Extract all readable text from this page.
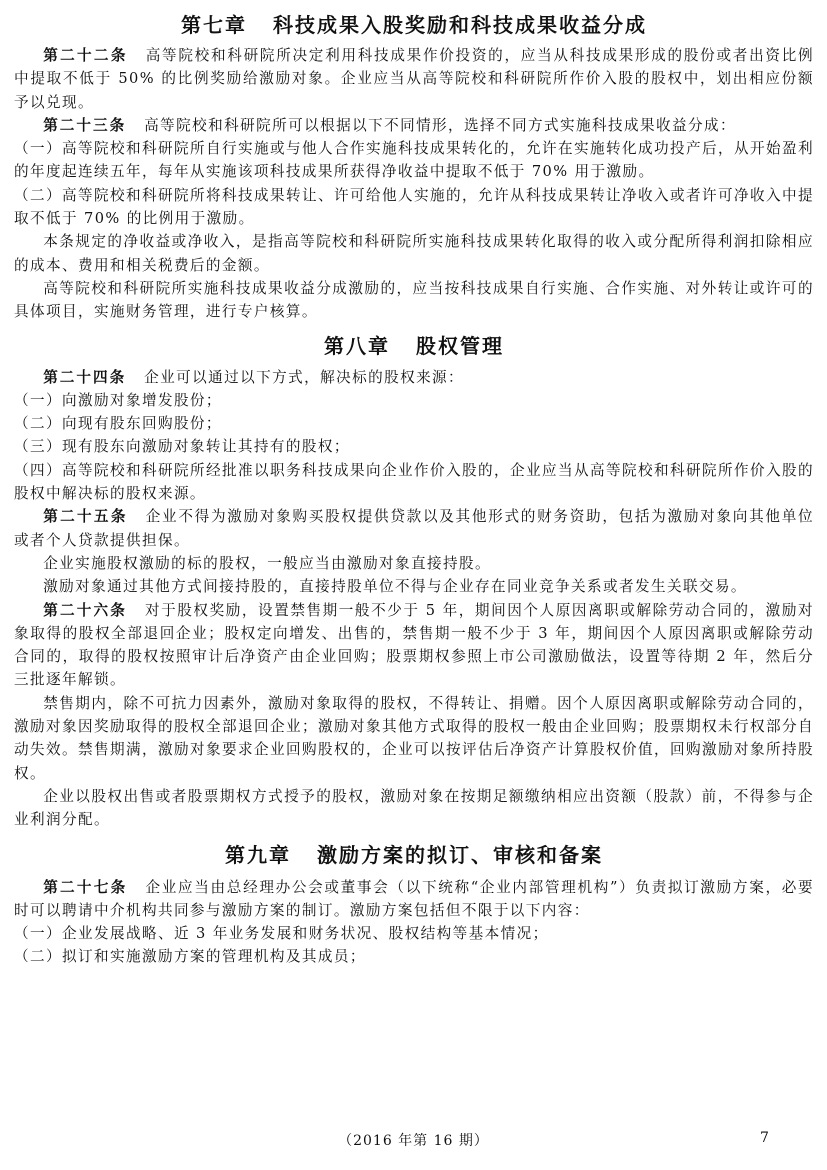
第七章 科技成果入股奖励和科技成果收益分成

第二十二条 高等院校和科研院所决定利用科技成果作价投资的，应当从科技成果形成的股份或者出资比例中提取不低于 50% 的比例奖励给激励对象。企业应当从高等院校和科研院所作价入股的股权中，划出相应份额予以兑现。

第二十三条 高等院校和科研院所可以根据以下不同情形，选择不同方式实施科技成果收益分成：

（一）高等院校和科研院所自行实施或与他人合作实施科技成果转化的，允许在实施转化成功投产后，从开始盈利的年度起连续五年，每年从实施该项科技成果所获得净收益中提取不低于 70% 用于激励。

（二）高等院校和科研院所将科技成果转让、许可给他人实施的，允许从科技成果转让净收入或者许可净收入中提取不低于 70% 的比例用于激励。

本条规定的净收益或净收入，是指高等院校和科研院所实施科技成果转化取得的收入或分配所得利润扣除相应的成本、费用和相关税费后的金额。

高等院校和科研院所实施科技成果收益分成激励的，应当按科技成果自行实施、合作实施、对外转让或许可的具体项目，实施财务管理，进行专户核算。

第八章 股权管理

第二十四条 企业可以通过以下方式，解决标的股权来源：

（一）向激励对象增发股份；

（二）向现有股东回购股份；

（三）现有股东向激励对象转让其持有的股权；

（四）高等院校和科研院所经批准以职务科技成果向企业作价入股的，企业应当从高等院校和科研院所作价入股的股权中解决标的股权来源。

第二十五条 企业不得为激励对象购买股权提供贷款以及其他形式的财务资助，包括为激励对象向其他单位或者个人贷款提供担保。

企业实施股权激励的标的股权，一般应当由激励对象直接持股。

激励对象通过其他方式间接持股的，直接持股单位不得与企业存在同业竞争关系或者发生关联交易。

第二十六条 对于股权奖励，设置禁售期一般不少于 5 年，期间因个人原因离职或解除劳动合同的，激励对象取得的股权全部退回企业；股权定向增发、出售的，禁售期一般不少于 3 年，期间因个人原因离职或解除劳动合同的，取得的股权按照审计后净资产由企业回购；股票期权参照上市公司激励做法，设置等待期 2 年，然后分三批逐年解锁。

禁售期内，除不可抗力因素外，激励对象取得的股权，不得转让、捐赠。因个人原因离职或解除劳动合同的，激励对象因奖励取得的股权全部退回企业；激励对象其他方式取得的股权一般由企业回购；股票期权未行权部分自动失效。禁售期满，激励对象要求企业回购股权的，企业可以按评估后净资产计算股权价值，回购激励对象所持股权。

企业以股权出售或者股票期权方式授予的股权，激励对象在按期足额缴纳相应出资额（股款）前，不得参与企业利润分配。

第九章 激励方案的拟订、审核和备案

第二十七条 企业应当由总经理办公会或董事会（以下统称“企业内部管理机构”）负责拟订激励方案，必要时可以聘请中介机构共同参与激励方案的制订。激励方案包括但不限于以下内容：

（一）企业发展战略、近 3 年业务发展和财务状况、股权结构等基本情况；

（二）拟订和实施激励方案的管理机构及其成员；

（2016 年第 16 期）	7
